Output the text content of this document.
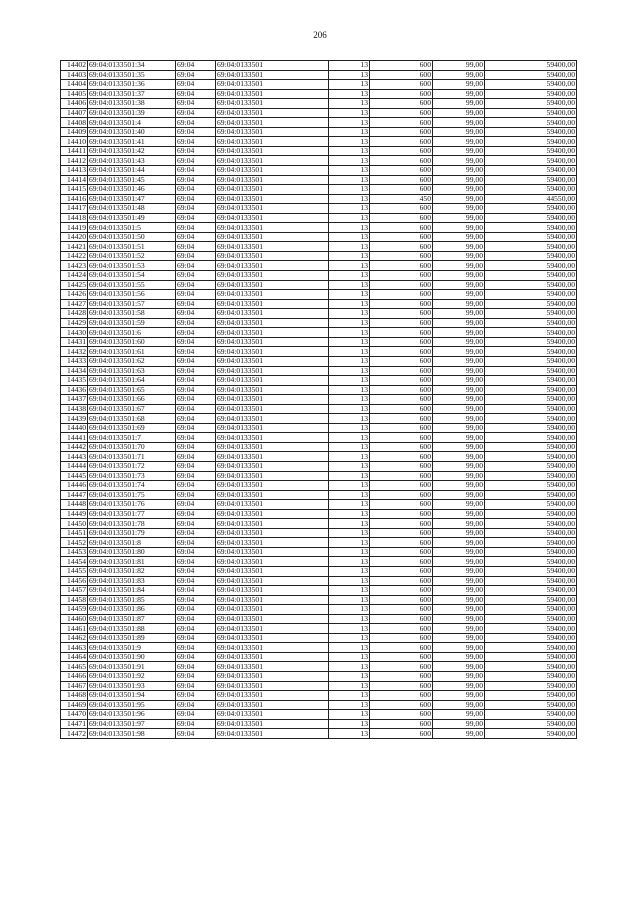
206
14402	69:04:0133501:34	69:04	69:04:0133501	13	600	99,00	59400,00
14403	69:04:0133501:35	69:04	69:04:0133501	13	600	99,00	59400,00
14404	69:04:0133501:36	69:04	69:04:0133501	13	600	99,00	59400,00
14405	69:04:0133501:37	69:04	69:04:0133501	13	600	99,00	59400,00
14406	69:04:0133501:38	69:04	69:04:0133501	13	600	99,00	59400,00
14407	69:04:0133501:39	69:04	69:04:0133501	13	600	99,00	59400,00
14408	69:04:0133501:4	69:04	69:04:0133501	13	600	99,00	59400,00
14409	69:04:0133501:40	69:04	69:04:0133501	13	600	99,00	59400,00
14410	69:04:0133501:41	69:04	69:04:0133501	13	600	99,00	59400,00
14411	69:04:0133501:42	69:04	69:04:0133501	13	600	99,00	59400,00
14412	69:04:0133501:43	69:04	69:04:0133501	13	600	99,00	59400,00
14413	69:04:0133501:44	69:04	69:04:0133501	13	600	99,00	59400,00
14414	69:04:0133501:45	69:04	69:04:0133501	13	600	99,00	59400,00
14415	69:04:0133501:46	69:04	69:04:0133501	13	600	99,00	59400,00
14416	69:04:0133501:47	69:04	69:04:0133501	13	450	99,00	44550,00
14417	69:04:0133501:48	69:04	69:04:0133501	13	600	99,00	59400,00
14418	69:04:0133501:49	69:04	69:04:0133501	13	600	99,00	59400,00
14419	69:04:0133501:5	69:04	69:04:0133501	13	600	99,00	59400,00
14420	69:04:0133501:50	69:04	69:04:0133501	13	600	99,00	59400,00
14421	69:04:0133501:51	69:04	69:04:0133501	13	600	99,00	59400,00
14422	69:04:0133501:52	69:04	69:04:0133501	13	600	99,00	59400,00
14423	69:04:0133501:53	69:04	69:04:0133501	13	600	99,00	59400,00
14424	69:04:0133501:54	69:04	69:04:0133501	13	600	99,00	59400,00
14425	69:04:0133501:55	69:04	69:04:0133501	13	600	99,00	59400,00
14426	69:04:0133501:56	69:04	69:04:0133501	13	600	99,00	59400,00
14427	69:04:0133501:57	69:04	69:04:0133501	13	600	99,00	59400,00
14428	69:04:0133501:58	69:04	69:04:0133501	13	600	99,00	59400,00
14429	69:04:0133501:59	69:04	69:04:0133501	13	600	99,00	59400,00
14430	69:04:0133501:6	69:04	69:04:0133501	13	600	99,00	59400,00
14431	69:04:0133501:60	69:04	69:04:0133501	13	600	99,00	59400,00
14432	69:04:0133501:61	69:04	69:04:0133501	13	600	99,00	59400,00
14433	69:04:0133501:62	69:04	69:04:0133501	13	600	99,00	59400,00
14434	69:04:0133501:63	69:04	69:04:0133501	13	600	99,00	59400,00
14435	69:04:0133501:64	69:04	69:04:0133501	13	600	99,00	59400,00
14436	69:04:0133501:65	69:04	69:04:0133501	13	600	99,00	59400,00
14437	69:04:0133501:66	69:04	69:04:0133501	13	600	99,00	59400,00
14438	69:04:0133501:67	69:04	69:04:0133501	13	600	99,00	59400,00
14439	69:04:0133501:68	69:04	69:04:0133501	13	600	99,00	59400,00
14440	69:04:0133501:69	69:04	69:04:0133501	13	600	99,00	59400,00
14441	69:04:0133501:7	69:04	69:04:0133501	13	600	99,00	59400,00
14442	69:04:0133501:70	69:04	69:04:0133501	13	600	99,00	59400,00
14443	69:04:0133501:71	69:04	69:04:0133501	13	600	99,00	59400,00
14444	69:04:0133501:72	69:04	69:04:0133501	13	600	99,00	59400,00
14445	69:04:0133501:73	69:04	69:04:0133501	13	600	99,00	59400,00
14446	69:04:0133501:74	69:04	69:04:0133501	13	600	99,00	59400,00
14447	69:04:0133501:75	69:04	69:04:0133501	13	600	99,00	59400,00
14448	69:04:0133501:76	69:04	69:04:0133501	13	600	99,00	59400,00
14449	69:04:0133501:77	69:04	69:04:0133501	13	600	99,00	59400,00
14450	69:04:0133501:78	69:04	69:04:0133501	13	600	99,00	59400,00
14451	69:04:0133501:79	69:04	69:04:0133501	13	600	99,00	59400,00
14452	69:04:0133501:8	69:04	69:04:0133501	13	600	99,00	59400,00
14453	69:04:0133501:80	69:04	69:04:0133501	13	600	99,00	59400,00
14454	69:04:0133501:81	69:04	69:04:0133501	13	600	99,00	59400,00
14455	69:04:0133501:82	69:04	69:04:0133501	13	600	99,00	59400,00
14456	69:04:0133501:83	69:04	69:04:0133501	13	600	99,00	59400,00
14457	69:04:0133501:84	69:04	69:04:0133501	13	600	99,00	59400,00
14458	69:04:0133501:85	69:04	69:04:0133501	13	600	99,00	59400,00
14459	69:04:0133501:86	69:04	69:04:0133501	13	600	99,00	59400,00
14460	69:04:0133501:87	69:04	69:04:0133501	13	600	99,00	59400,00
14461	69:04:0133501:88	69:04	69:04:0133501	13	600	99,00	59400,00
14462	69:04:0133501:89	69:04	69:04:0133501	13	600	99,00	59400,00
14463	69:04:0133501:9	69:04	69:04:0133501	13	600	99,00	59400,00
14464	69:04:0133501:90	69:04	69:04:0133501	13	600	99,00	59400,00
14465	69:04:0133501:91	69:04	69:04:0133501	13	600	99,00	59400,00
14466	69:04:0133501:92	69:04	69:04:0133501	13	600	99,00	59400,00
14467	69:04:0133501:93	69:04	69:04:0133501	13	600	99,00	59400,00
14468	69:04:0133501:94	69:04	69:04:0133501	13	600	99,00	59400,00
14469	69:04:0133501:95	69:04	69:04:0133501	13	600	99,00	59400,00
14470	69:04:0133501:96	69:04	69:04:0133501	13	600	99,00	59400,00
14471	69:04:0133501:97	69:04	69:04:0133501	13	600	99,00	59400,00
14472	69:04:0133501:98	69:04	69:04:0133501	13	600	99,00	59400,00
